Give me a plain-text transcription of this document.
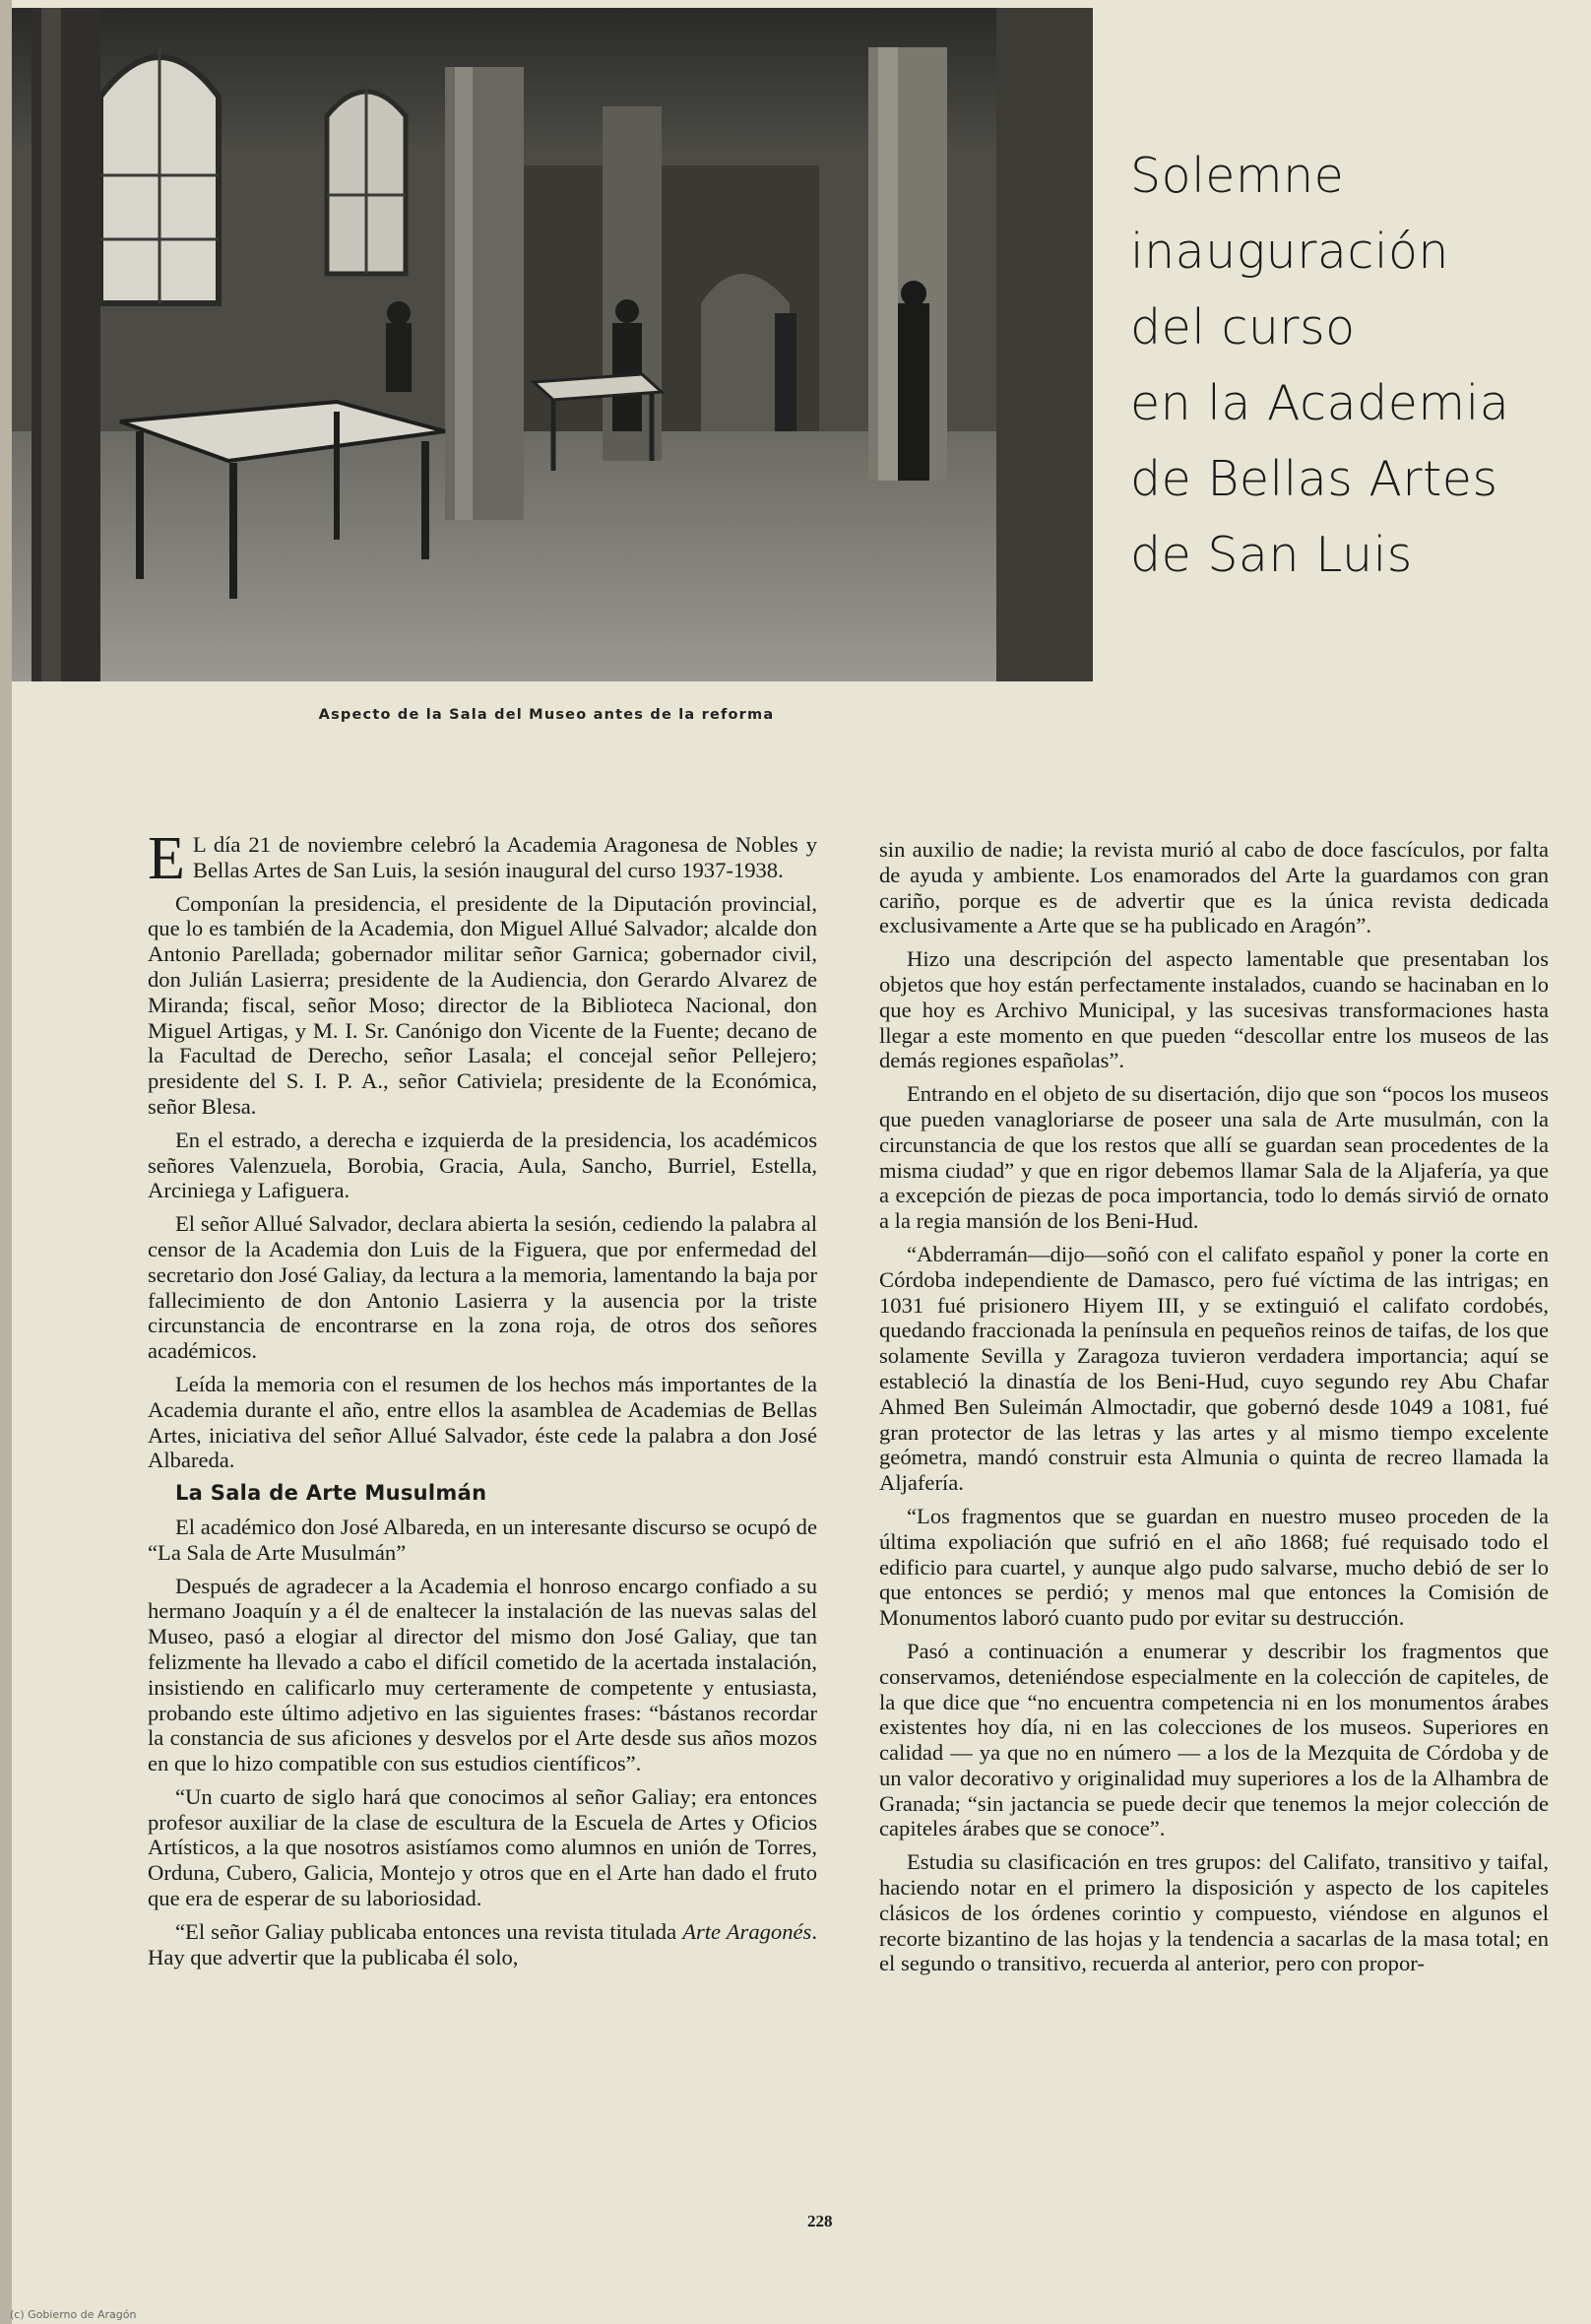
Solemne
inauguración
del curso
en la Academia
de Bellas Artes
de San Luis
Aspecto de la Sala del Museo antes de la reforma

E L día 21 de noviembre celebró la Academia Aragonesa de Nobles y Bellas Artes de San Luis, la sesión inaugural del curso 1937-1938.

Componían la presidencia, el presidente de la Diputación provincial, que lo es también de la Academia, don Miguel Allué Salvador; alcalde don Antonio Parellada; gobernador militar señor Garnica; gobernador civil, don Julián Lasierra; presidente de la Audiencia, don Gerardo Alvarez de Miranda; fiscal, señor Moso; director de la Biblioteca Nacional, don Miguel Artigas, y M. I. Sr. Canónigo don Vicente de la Fuente; decano de la Facultad de Derecho, señor Lasala; el concejal señor Pellejero; presidente del S. I. P. A., señor Cativiela; presidente de la Económica, señor Blesa.

En el estrado, a derecha e izquierda de la presidencia, los académicos señores Valenzuela, Borobia, Gracia, Aula, Sancho, Burriel, Estella, Arciniega y Lafiguera.

El señor Allué Salvador, declara abierta la sesión, cediendo la palabra al censor de la Academia don Luis de la Figuera, que por enfermedad del secretario don José Galiay, da lectura a la memoria, lamentando la baja por fallecimiento de don Antonio Lasierra y la ausencia por la triste circunstancia de encontrarse en la zona roja, de otros dos señores académicos.

Leída la memoria con el resumen de los hechos más importantes de la Academia durante el año, entre ellos la asamblea de Academias de Bellas Artes, iniciativa del señor Allué Salvador, éste cede la palabra a don José Albareda.

La Sala de Arte Musulmán

El académico don José Albareda, en un interesante discurso se ocupó de “La Sala de Arte Musulmán”

Después de agradecer a la Academia el honroso encargo confiado a su hermano Joaquín y a él de enaltecer la instalación de las nuevas salas del Museo, pasó a elogiar al director del mismo don José Galiay, que tan felizmente ha llevado a cabo el difícil cometido de la acertada instalación, insistiendo en calificarlo muy certeramente de competente y entusiasta, probando este último adjetivo en las siguientes frases: “bástanos recordar la constancia de sus aficiones y desvelos por el Arte desde sus años mozos en que lo hizo compatible con sus estudios científicos”.

“Un cuarto de siglo hará que conocimos al señor Galiay; era entonces profesor auxiliar de la clase de escultura de la Escuela de Artes y Oficios Artísticos, a la que nosotros asistíamos como alumnos en unión de Torres, Orduna, Cubero, Galicia, Montejo y otros que en el Arte han dado el fruto que era de esperar de su laboriosidad.

“El señor Galiay publicaba entonces una revista titulada Arte Aragonés. Hay que advertir que la publicaba él solo,

sin auxilio de nadie; la revista murió al cabo de doce fascículos, por falta de ayuda y ambiente. Los enamorados del Arte la guardamos con gran cariño, porque es de advertir que es la única revista dedicada exclusivamente a Arte que se ha publicado en Aragón”.

Hizo una descripción del aspecto lamentable que presentaban los objetos que hoy están perfectamente instalados, cuando se hacinaban en lo que hoy es Archivo Municipal, y las sucesivas transformaciones hasta llegar a este momento en que pueden “descollar entre los museos de las demás regiones españolas”.

Entrando en el objeto de su disertación, dijo que son “pocos los museos que pueden vanagloriarse de poseer una sala de Arte musulmán, con la circunstancia de que los restos que allí se guardan sean procedentes de la misma ciudad” y que en rigor debemos llamar Sala de la Aljafería, ya que a excepción de piezas de poca importancia, todo lo demás sirvió de ornato a la regia mansión de los Beni-Hud.

“Abderramán—dijo—soñó con el califato español y poner la corte en Córdoba independiente de Damasco, pero fué víctima de las intrigas; en 1031 fué prisionero Hiyem III, y se extinguió el califato cordobés, quedando fraccionada la península en pequeños reinos de taifas, de los que solamente Sevilla y Zaragoza tuvieron verdadera importancia; aquí se estableció la dinastía de los Beni-Hud, cuyo segundo rey Abu Chafar Ahmed Ben Suleimán Almoctadir, que gobernó desde 1049 a 1081, fué gran protector de las letras y las artes y al mismo tiempo excelente geómetra, mandó construir esta Almunia o quinta de recreo llamada la Aljafería.

“Los fragmentos que se guardan en nuestro museo proceden de la última expoliación que sufrió en el año 1868; fué requisado todo el edificio para cuartel, y aunque algo pudo salvarse, mucho debió de ser lo que entonces se perdió; y menos mal que entonces la Comisión de Monumentos laboró cuanto pudo por evitar su destrucción.

Pasó a continuación a enumerar y describir los fragmentos que conservamos, deteniéndose especialmente en la colección de capiteles, de la que dice que “no encuentra competencia ni en los monumentos árabes existentes hoy día, ni en las colecciones de los museos. Superiores en calidad — ya que no en número — a los de la Mezquita de Córdoba y de un valor decorativo y originalidad muy superiores a los de la Alhambra de Granada; “sin jactancia se puede decir que tenemos la mejor colección de capiteles árabes que se conoce”.

Estudia su clasificación en tres grupos: del Califato, transitivo y taifal, haciendo notar en el primero la disposición y aspecto de los capiteles clásicos de los órdenes corintio y compuesto, viéndose en algunos el recorte bizantino de las hojas y la tendencia a sacarlas de la masa total; en el segundo o transitivo, recuerda al anterior, pero con propor-

228
(c) Gobierno de Aragón
